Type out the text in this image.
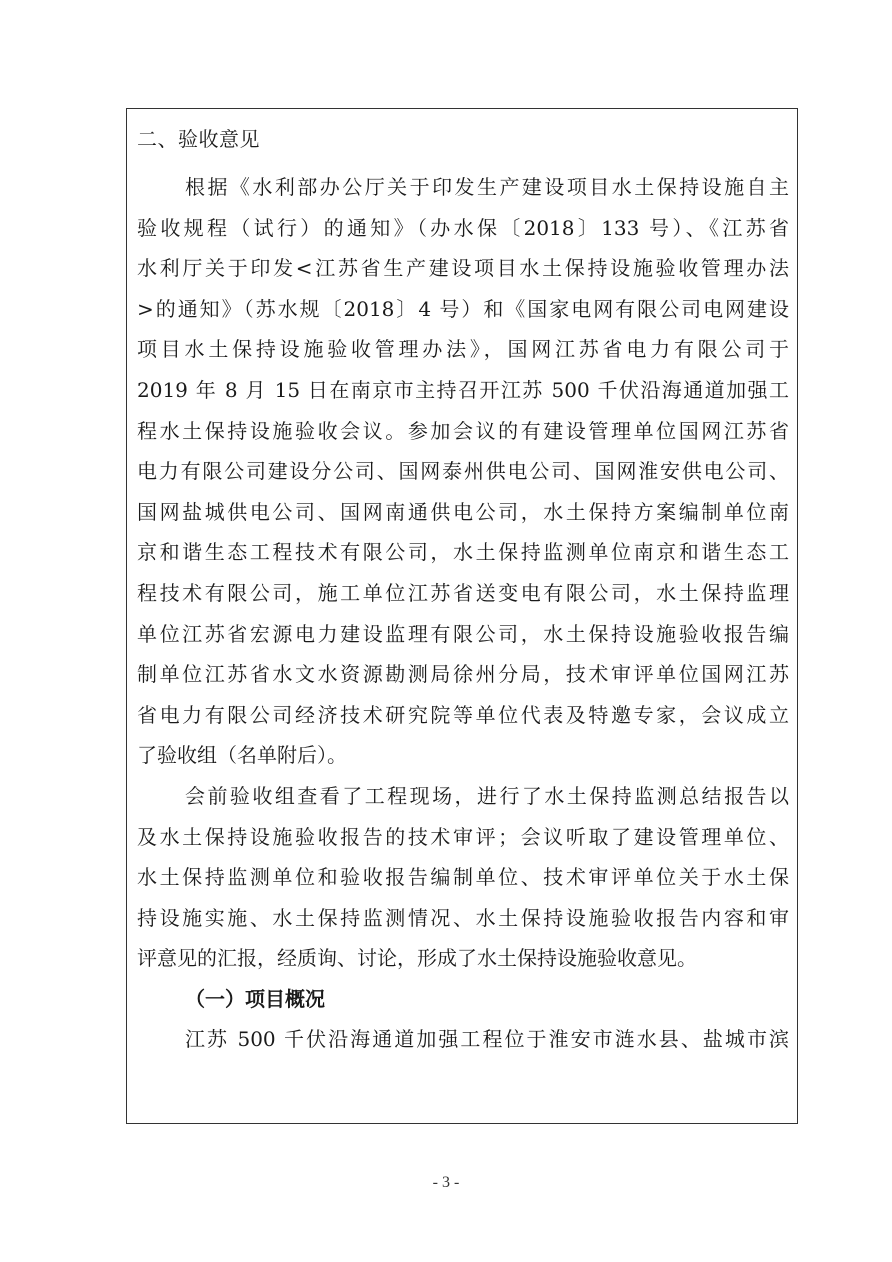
二、验收意见

根据《水利部办公厅关于印发生产建设项目水土保持设施自主

验收规程（试行）的通知》（办水保〔2018〕133 号）、《江苏省

水利厅关于印发<江苏省生产建设项目水土保持设施验收管理办法

>的通知》（苏水规〔2018〕4 号）和《国家电网有限公司电网建设

项目水土保持设施验收管理办法》，国网江苏省电力有限公司于

2019 年 8 月 15 日在南京市主持召开江苏 500 千伏沿海通道加强工

程水土保持设施验收会议。参加会议的有建设管理单位国网江苏省

电力有限公司建设分公司、国网泰州供电公司、国网淮安供电公司、

国网盐城供电公司、国网南通供电公司，水土保持方案编制单位南

京和谐生态工程技术有限公司，水土保持监测单位南京和谐生态工

程技术有限公司，施工单位江苏省送变电有限公司，水土保持监理

单位江苏省宏源电力建设监理有限公司，水土保持设施验收报告编

制单位江苏省水文水资源勘测局徐州分局，技术审评单位国网江苏

省电力有限公司经济技术研究院等单位代表及特邀专家，会议成立

了验收组（名单附后）。

会前验收组查看了工程现场，进行了水土保持监测总结报告以

及水土保持设施验收报告的技术审评；会议听取了建设管理单位、

水土保持监测单位和验收报告编制单位、技术审评单位关于水土保

持设施实施、水土保持监测情况、水土保持设施验收报告内容和审

评意见的汇报，经质询、讨论，形成了水土保持设施验收意见。

（一）项目概况

江苏 500 千伏沿海通道加强工程位于淮安市涟水县、盐城市滨

- 3 -
